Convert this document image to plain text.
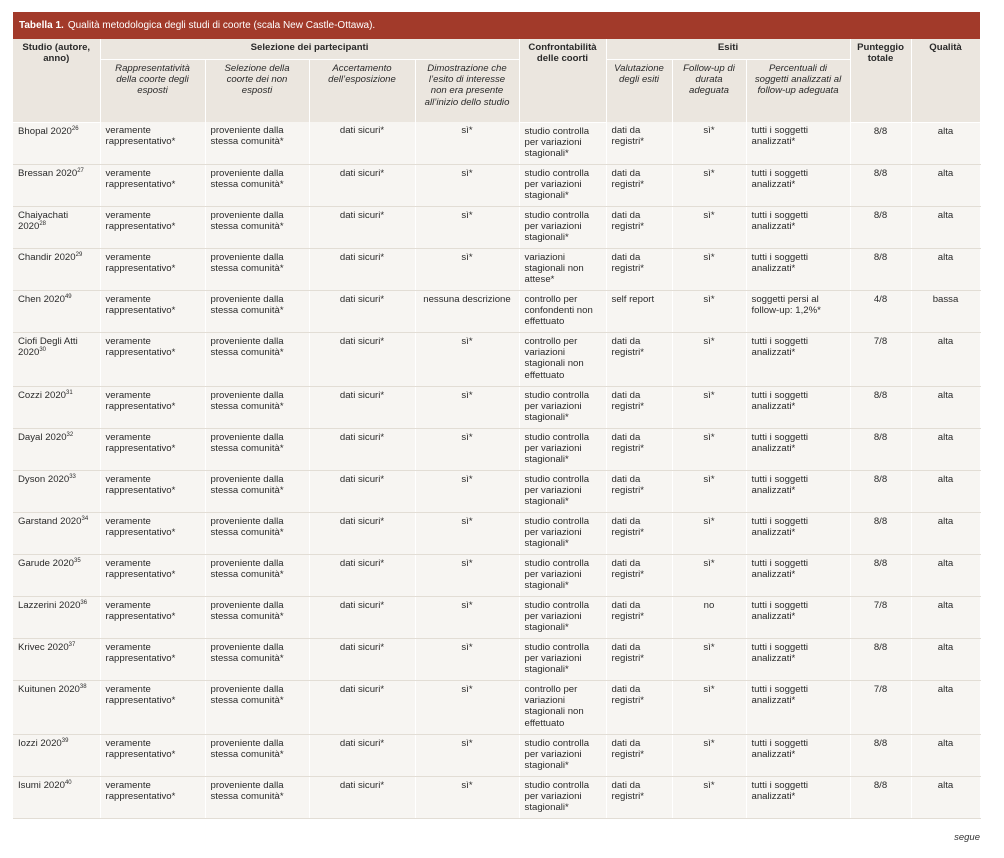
Tabella 1. Qualità metodologica degli studi di coorte (scala New Castle-Ottawa).
Studio (autore, anno)	Selezione dei partecipanti				Confrontabilità delle coorti	Esiti			Punteggio totale	Qualità
	Rappresentatività della coorte degli esposti	Selezione della coorte dei non esposti	Accertamento dell’esposizione	Dimostrazione che l’esito di interesse non era presente all’inizio dello studio		Valutazione degli esiti	Follow-up di durata adeguata	Percentuali di soggetti analizzati al follow-up adeguata		
Bhopal 2020$^{26}$	veramente rappresentativo*	proveniente dalla stessa comunità*	dati sicuri*	sì*	studio controlla per variazioni stagionali*	dati da registri*	sì*	tutti i soggetti analizzati*	8/8	alta
Bressan 2020$^{27}$	veramente rappresentativo*	proveniente dalla stessa comunità*	dati sicuri*	sì*	studio controlla per variazioni stagionali*	dati da registri*	sì*	tutti i soggetti analizzati*	8/8	alta
Chaiyachati 2020$^{28}$	veramente rappresentativo*	proveniente dalla stessa comunità*	dati sicuri*	sì*	studio controlla per variazioni stagionali*	dati da registri*	sì*	tutti i soggetti analizzati*	8/8	alta
Chandir 2020$^{29}$	veramente rappresentativo*	proveniente dalla stessa comunità*	dati sicuri*	sì*	variazioni stagionali non attese*	dati da registri*	sì*	tutti i soggetti analizzati*	8/8	alta
Chen 2020$^{49}$	veramente rappresentativo*	proveniente dalla stessa comunità*	dati sicuri*	nessuna descrizione	controllo per confondenti non effettuato	self report	sì*	soggetti persi al follow-up: 1,2%*	4/8	bassa
Ciofi Degli Atti 2020$^{30}$	veramente rappresentativo*	proveniente dalla stessa comunità*	dati sicuri*	sì*	controllo per variazioni stagionali non effettuato	dati da registri*	sì*	tutti i soggetti analizzati*	7/8	alta
Cozzi 2020$^{31}$	veramente rappresentativo*	proveniente dalla stessa comunità*	dati sicuri*	sì*	studio controlla per variazioni stagionali*	dati da registri*	sì*	tutti i soggetti analizzati*	8/8	alta
Dayal 2020$^{32}$	veramente rappresentativo*	proveniente dalla stessa comunità*	dati sicuri*	sì*	studio controlla per variazioni stagionali*	dati da registri*	sì*	tutti i soggetti analizzati*	8/8	alta
Dyson 2020$^{33}$	veramente rappresentativo*	proveniente dalla stessa comunità*	dati sicuri*	sì*	studio controlla per variazioni stagionali*	dati da registri*	sì*	tutti i soggetti analizzati*	8/8	alta
Garstand 2020$^{34}$	veramente rappresentativo*	proveniente dalla stessa comunità*	dati sicuri*	sì*	studio controlla per variazioni stagionali*	dati da registri*	sì*	tutti i soggetti analizzati*	8/8	alta
Garude 2020$^{35}$	veramente rappresentativo*	proveniente dalla stessa comunità*	dati sicuri*	sì*	studio controlla per variazioni stagionali*	dati da registri*	sì*	tutti i soggetti analizzati*	8/8	alta
Lazzerini 2020$^{36}$	veramente rappresentativo*	proveniente dalla stessa comunità*	dati sicuri*	sì*	studio controlla per variazioni stagionali*	dati da registri*	no	tutti i soggetti analizzati*	7/8	alta
Krivec 2020$^{37}$	veramente rappresentativo*	proveniente dalla stessa comunità*	dati sicuri*	sì*	studio controlla per variazioni stagionali*	dati da registri*	sì*	tutti i soggetti analizzati*	8/8	alta
Kuitunen 2020$^{38}$	veramente rappresentativo*	proveniente dalla stessa comunità*	dati sicuri*	sì*	controllo per variazioni stagionali non effettuato	dati da registri*	sì*	tutti i soggetti analizzati*	7/8	alta
Iozzi 2020$^{39}$	veramente rappresentativo*	proveniente dalla stessa comunità*	dati sicuri*	sì*	studio controlla per variazioni stagionali*	dati da registri*	sì*	tutti i soggetti analizzati*	8/8	alta
Isumi 2020$^{40}$	veramente rappresentativo*	proveniente dalla stessa comunità*	dati sicuri*	sì*	studio controlla per variazioni stagionali*	dati da registri*	sì*	tutti i soggetti analizzati*	8/8	alta
segue
